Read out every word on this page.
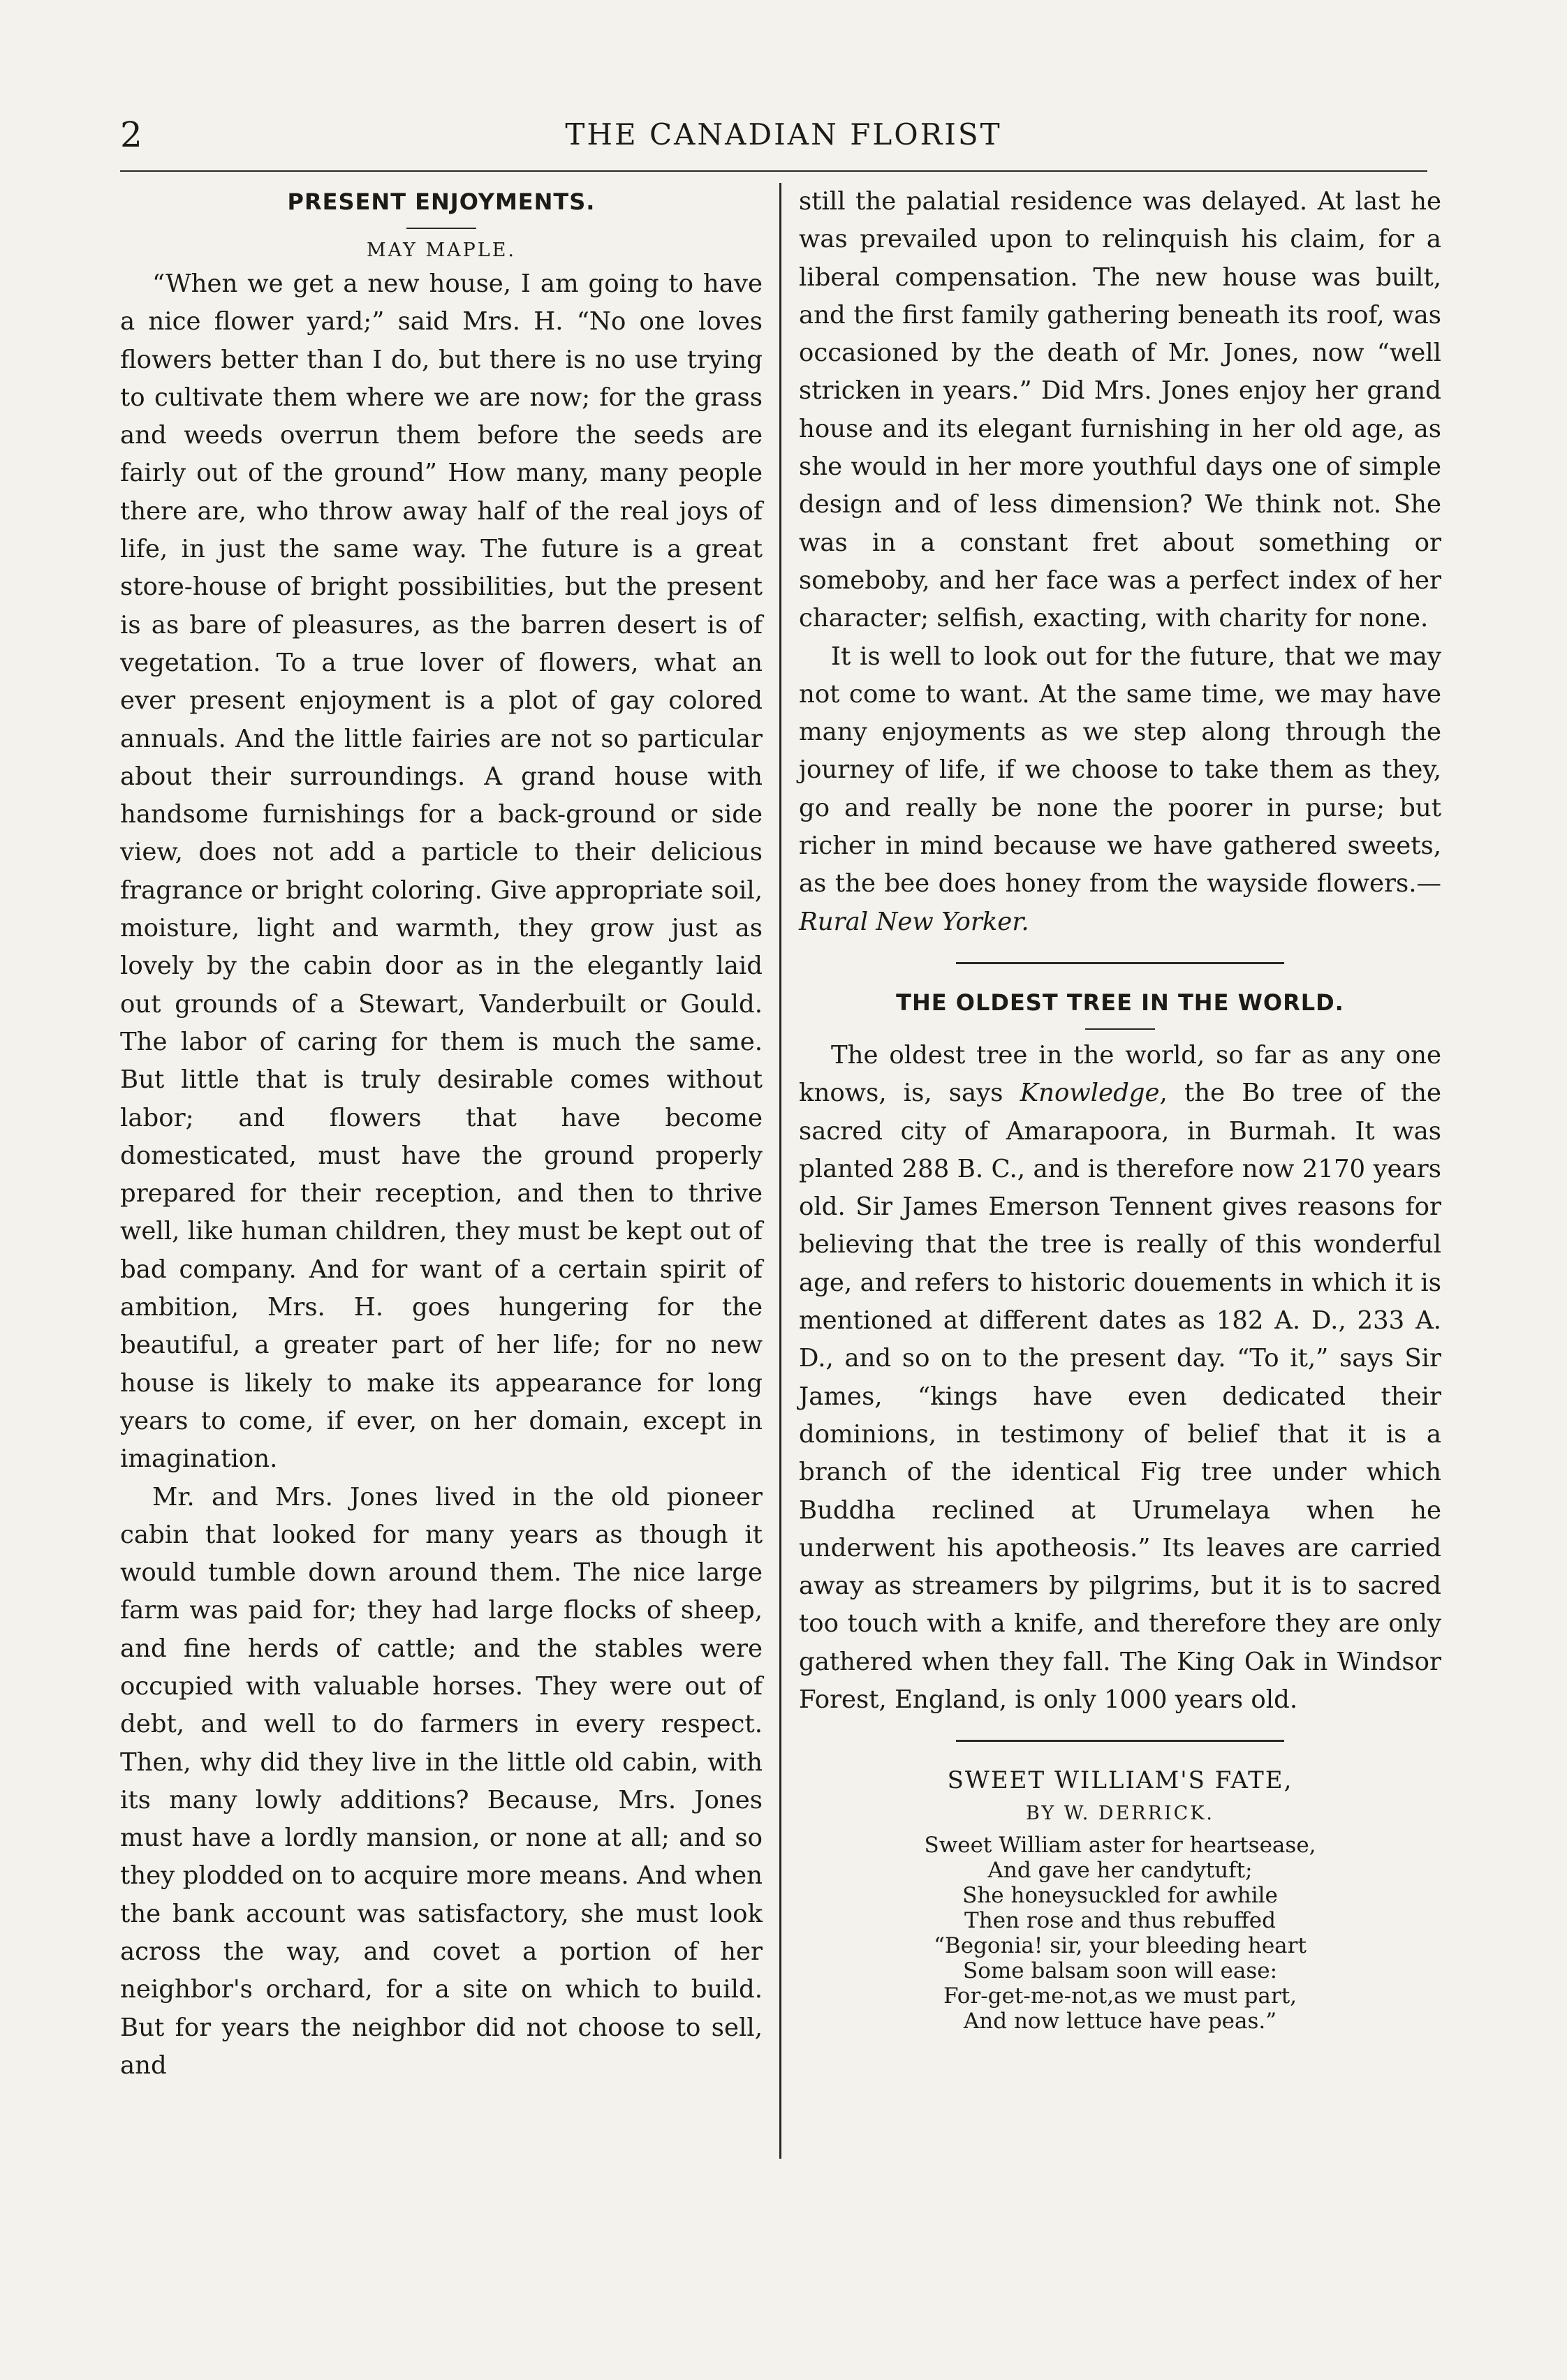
2	THE CANADIAN FLORIST

PRESENT ENJOYMENTS.

MAY MAPLE.

“When we get a new house, I am going to have a nice flower yard;” said Mrs. H. “No one loves flowers better than I do, but there is no use trying to cultivate them where we are now; for the grass and weeds overrun them before the seeds are fairly out of the ground” How many, many people there are, who throw away half of the real joys of life, in just the same way. The future is a great store-house of bright possibilities, but the present is as bare of pleasures, as the barren desert is of vegetation. To a true lover of flowers, what an ever present enjoyment is a plot of gay colored annuals. And the little fairies are not so particular about their surroundings. A grand house with handsome furnishings for a back-ground or side view, does not add a particle to their delicious fragrance or bright coloring. Give appropriate soil, moisture, light and warmth, they grow just as lovely by the cabin door as in the elegantly laid out grounds of a Stewart, Vanderbuilt or Gould. The labor of caring for them is much the same. But little that is truly desirable comes without labor; and flowers that have become domesticated, must have the ground properly prepared for their reception, and then to thrive well, like human children, they must be kept out of bad company. And for want of a certain spirit of ambition, Mrs. H. goes hungering for the beautiful, a greater part of her life; for no new house is likely to make its appearance for long years to come, if ever, on her domain, except in imagination.

Mr. and Mrs. Jones lived in the old pioneer cabin that looked for many years as though it would tumble down around them. The nice large farm was paid for; they had large flocks of sheep, and fine herds of cattle; and the stables were occupied with valuable horses. They were out of debt, and well to do farmers in every respect. Then, why did they live in the little old cabin, with its many lowly additions? Because, Mrs. Jones must have a lordly mansion, or none at all; and so they plodded on to acquire more means. And when the bank account was satisfactory, she must look across the way, and covet a portion of her neighbor's orchard, for a site on which to build. But for years the neighbor did not choose to sell, and

still the palatial residence was delayed. At last he was prevailed upon to relinquish his claim, for a liberal compensation. The new house was built, and the first family gathering beneath its roof, was occasioned by the death of Mr. Jones, now “well stricken in years.” Did Mrs. Jones enjoy her grand house and its elegant furnishing in her old age, as she would in her more youthful days one of simple design and of less dimension? We think not. She was in a constant fret about something or someboby, and her face was a perfect index of her character; selfish, exacting, with charity for none.

It is well to look out for the future, that we may not come to want. At the same time, we may have many enjoyments as we step along through the journey of life, if we choose to take them as they, go and really be none the poorer in purse; but richer in mind because we have gathered sweets, as the bee does honey from the wayside flowers.— Rural New Yorker.

THE OLDEST TREE IN THE WORLD.

The oldest tree in the world, so far as any one knows, is, says Knowledge, the Bo tree of the sacred city of Amarapoora, in Burmah. It was planted 288 B. C., and is therefore now 2170 years old. Sir James Emerson Tennent gives reasons for believing that the tree is really of this wonderful age, and refers to historic douements in which it is mentioned at different dates as 182 A. D., 233 A. D., and so on to the present day. “To it,” says Sir James, “kings have even dedicated their dominions, in testimony of belief that it is a branch of the identical Fig tree under which Buddha reclined at Urumelaya when he underwent his apotheosis.” Its leaves are carried away as streamers by pilgrims, but it is to sacred too touch with a knife, and therefore they are only gathered when they fall. The King Oak in Windsor Forest, England, is only 1000 years old.

SWEET WILLIAM'S FATE,

BY W. DERRICK.

Sweet William aster for heartsease,
And gave her candytuft;
She honeysuckled for awhile
Then rose and thus rebuffed
“Begonia! sir, your bleeding heart
Some balsam soon will ease:
For-get-me-not,as we must part,
And now lettuce have peas.”
